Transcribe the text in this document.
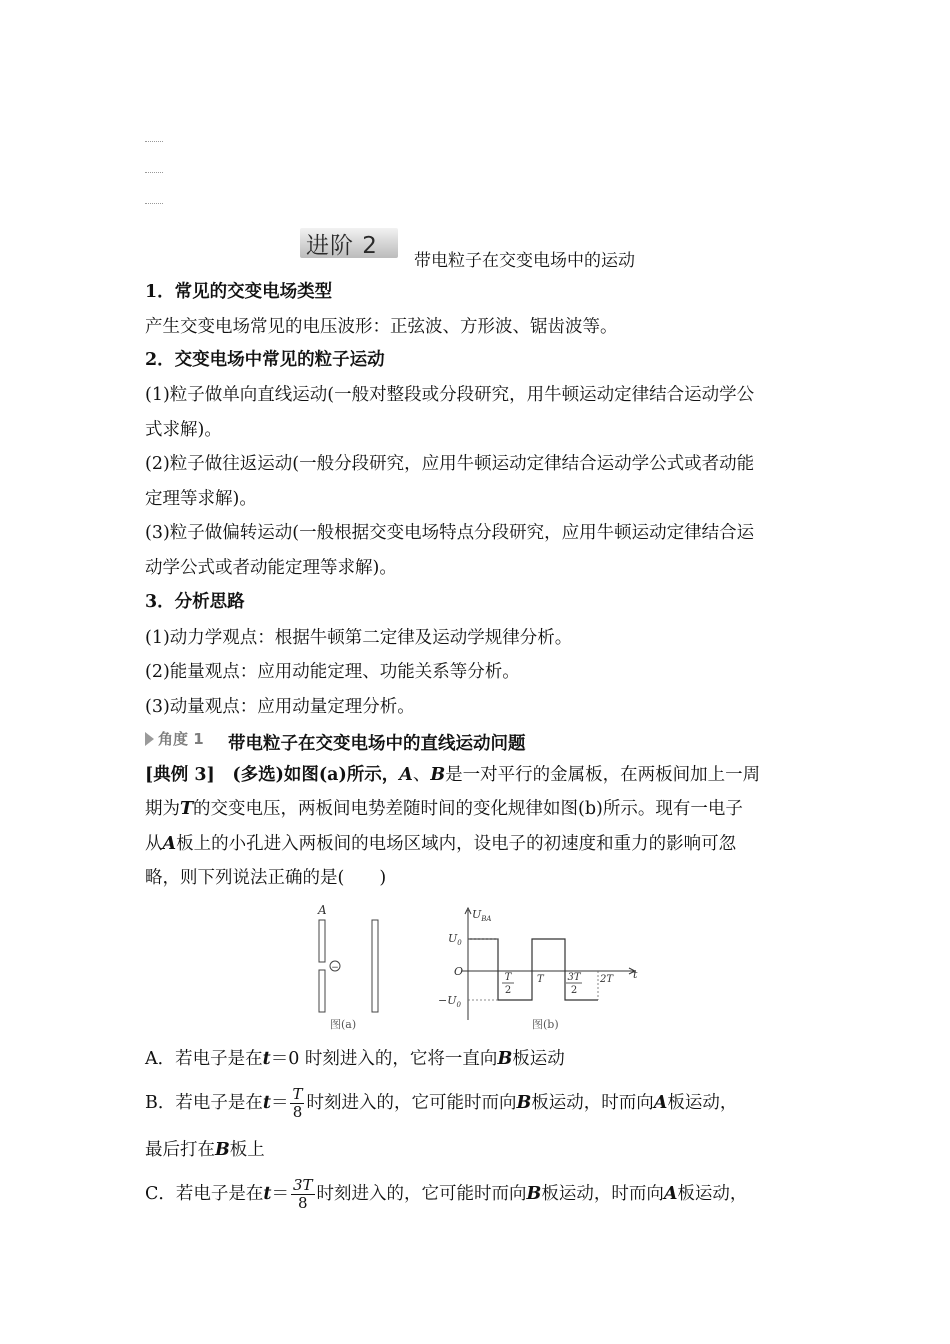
进阶 2
带电粒子在交变电场中的运动
1．常见的交变电场类型
产生交变电场常见的电压波形：正弦波、方形波、锯齿波等。
2．交变电场中常见的粒子运动
(1)粒子做单向直线运动(一般对整段或分段研究，用牛顿运动定律结合运动学公
式求解)。
(2)粒子做往返运动(一般分段研究，应用牛顿运动定律结合运动学公式或者动能
定理等求解)。
(3)粒子做偏转运动(一般根据交变电场特点分段研究，应用牛顿运动定律结合运
动学公式或者动能定理等求解)。
3．分析思路
(1)动力学观点：根据牛顿第二定律及运动学规律分析。
(2)能量观点：应用动能定理、功能关系等分析。
(3)动量观点：应用动量定理分析。
角度 1 带电粒子在交变电场中的直线运动问题
[典例 3]　(多选)如图(a)所示，A、B是一对平行的金属板，在两板间加上一周
期为T的交变电压，两板间电势差随时间的变化规律如图(b)所示。现有一电子
从A板上的小孔进入两板间的电场区域内，设电子的初速度和重力的影响可忽
略，则下列说法正确的是(　　)
A
−
图(a)
$U_{BA}$
$U_0$
$-U_0$
O	t
T
2
T 3T
2
2T
图(b)
A．若电子是在t＝0 时刻进入的，它将一直向B板运动
B．若电子是在$t= \frac{T}{8}$ 时刻进入的，它可能时而向B板运动，时而向A板运动，
最后打在B板上
C．若电子是在$t= \frac{3T}{8}$ 时刻进入的，它可能时而向B板运动，时而向A板运动，
